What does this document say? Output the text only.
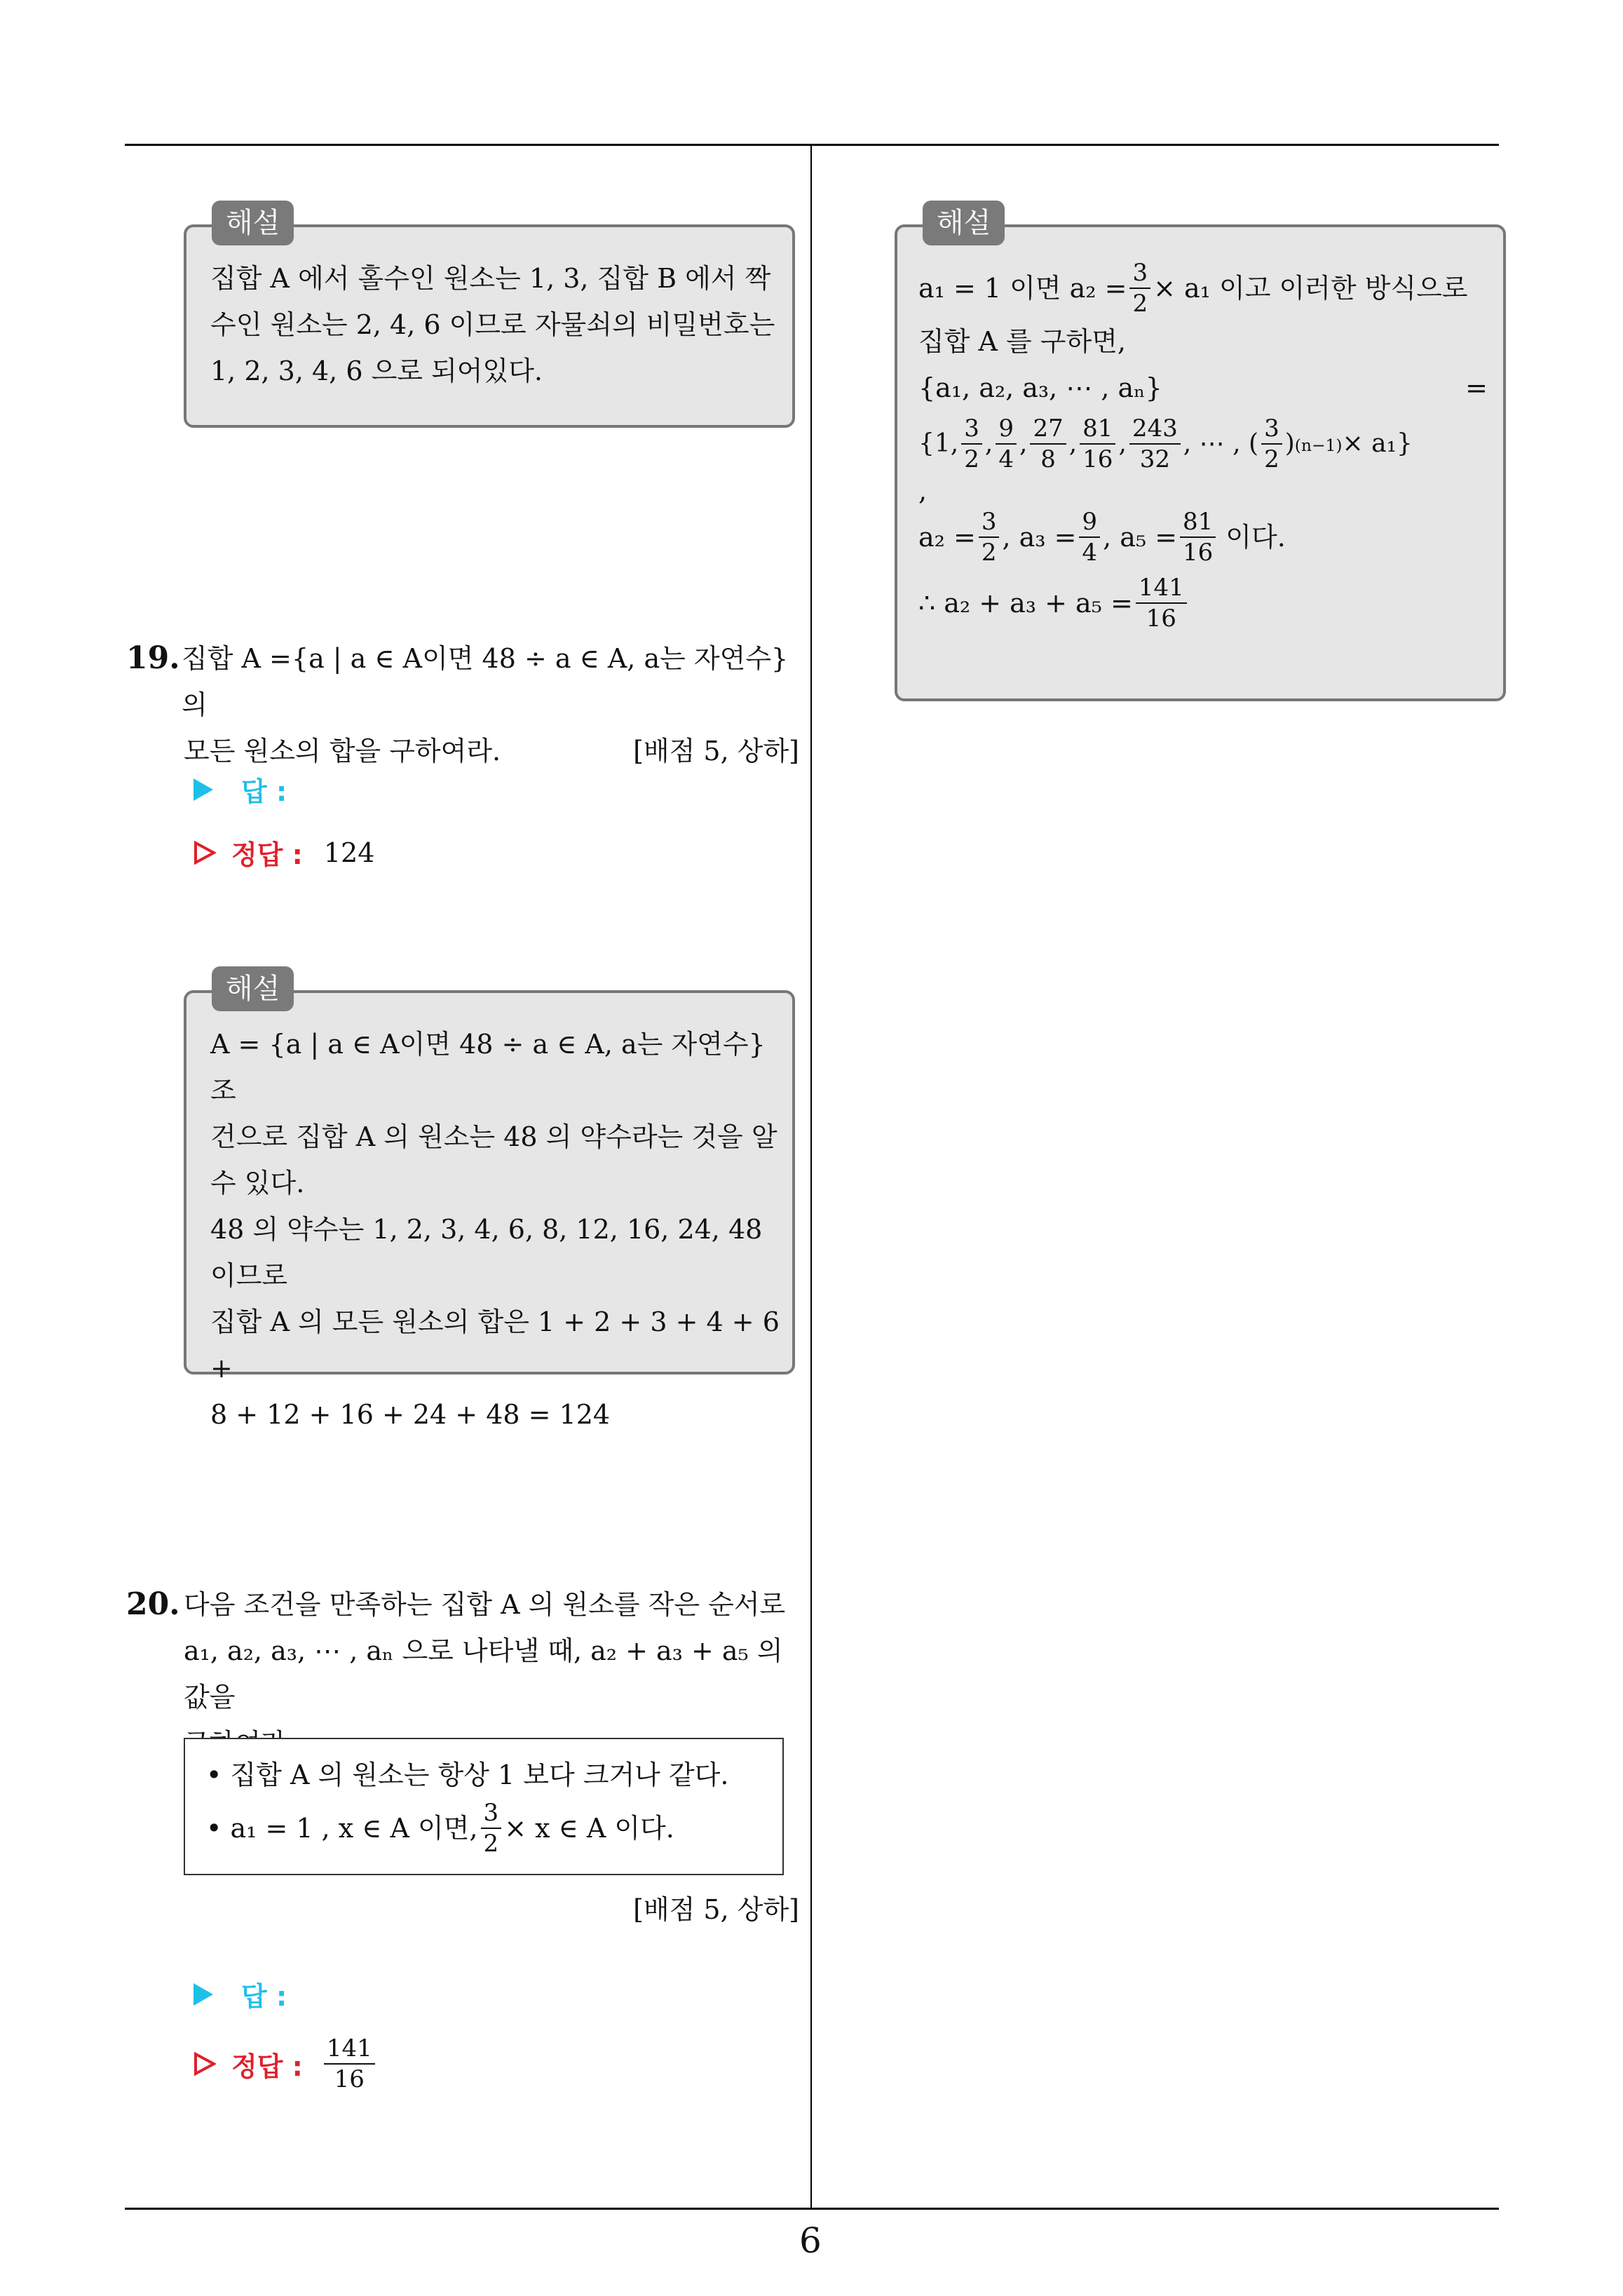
6
해설
집합 A 에서 홀수인 원소는 1, 3, 집합 B 에서 짝
수인 원소는 2, 4, 6 이므로 자물쇠의 비밀번호는
1, 2, 3, 4, 6 으로 되어있다.
19. 집합 A ={a | a ∈ A이면 48 ÷ a ∈ A, a는 자연수} 의
모든 원소의 합을 구하여라.	[배점 5, 상하]
답 :
정답 : 124
해설
A = {a | a ∈ A이면 48 ÷ a ∈ A, a는 자연수} 조
건으로 집합 A 의 원소는 48 의 약수라는 것을 알
수 있다.
48 의 약수는 1, 2, 3, 4, 6, 8, 12, 16, 24, 48
이므로
집합 A 의 모든 원소의 합은 1 + 2 + 3 + 4 + 6 +
8 + 12 + 16 + 24 + 48 = 124
20. 다음 조건을 만족하는 집합 A 의 원소를 작은 순서로
a₁, a₂, a₃, ⋯ , aₙ 으로 나타낼 때, a₂ + a₃ + a₅ 의 값을
• 집합 A 의 원소는 항상 1 보다 크거나 같다.
• a₁ = 1 , x ∈ A 이면, $\frac{3}{2} \times x$ ∈ A 이다.
[배점 5, 상하]
답 :
정답 : $\frac{141}{16}$
해설
a₁ = 1 이면 $a_2 = \frac{3}{2} \times a_1$ 이고 이러한 방식으로
집합 A 를 구하면,
{a₁, a₂, a₃, ⋯ , aₙ}	=
{1, $\frac{3}{2}$ , $\frac{9}{4}$ , $\frac{27}{8}$ , $\frac{81}{16}$ , $\frac{243}{32}$ , ⋯ , ( $\frac{3}{2}$ ) (n−1) × a₁}
,
$a_2 = \frac{3}{2}$ , $a_3 = \frac{9}{4}$ , $a_5 = \frac{81}{16}$ 이다.
∴ $a_2 + a_3 + a_5 = \frac{141}{16}$
